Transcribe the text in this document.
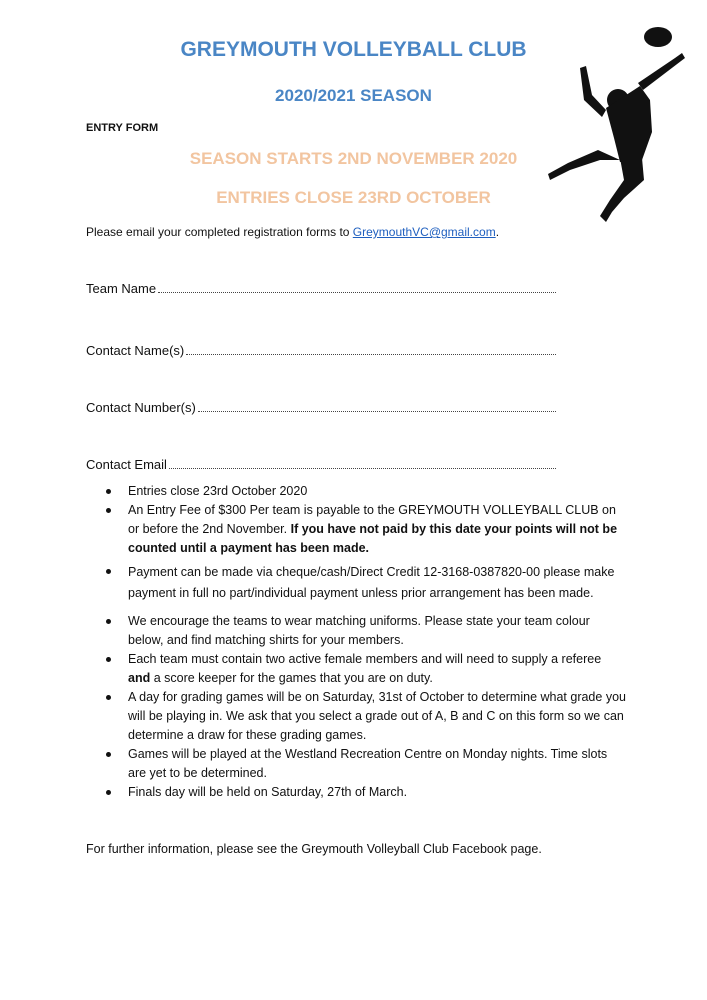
GREYMOUTH VOLLEYBALL CLUB
2020/2021 SEASON
ENTRY FORM
SEASON STARTS 2ND NOVEMBER 2020
ENTRIES CLOSE 23RD OCTOBER
Please email your completed registration forms to GreymouthVC@gmail.com.
Team Name
Contact Name(s)
Contact Number(s)
Contact Email
Entries close 23rd October 2020
An Entry Fee of $300 Per team is payable to the GREYMOUTH VOLLEYBALL CLUB on or before the 2nd November. If you have not paid by this date your points will not be counted until a payment has been made.
Payment can be made via cheque/cash/Direct Credit 12-3168-0387820-00 please make payment in full no part/individual payment unless prior arrangement has been made.
We encourage the teams to wear matching uniforms. Please state your team colour below, and find matching shirts for your members.
Each team must contain two active female members and will need to supply a referee and a score keeper for the games that you are on duty.
A day for grading games will be on Saturday, 31st of October to determine what grade you will be playing in. We ask that you select a grade out of A, B and C on this form so we can determine a draw for these grading games.
Games will be played at the Westland Recreation Centre on Monday nights. Time slots are yet to be determined.
Finals day will be held on Saturday, 27th of March.
For further information, please see the Greymouth Volleyball Club Facebook page.
